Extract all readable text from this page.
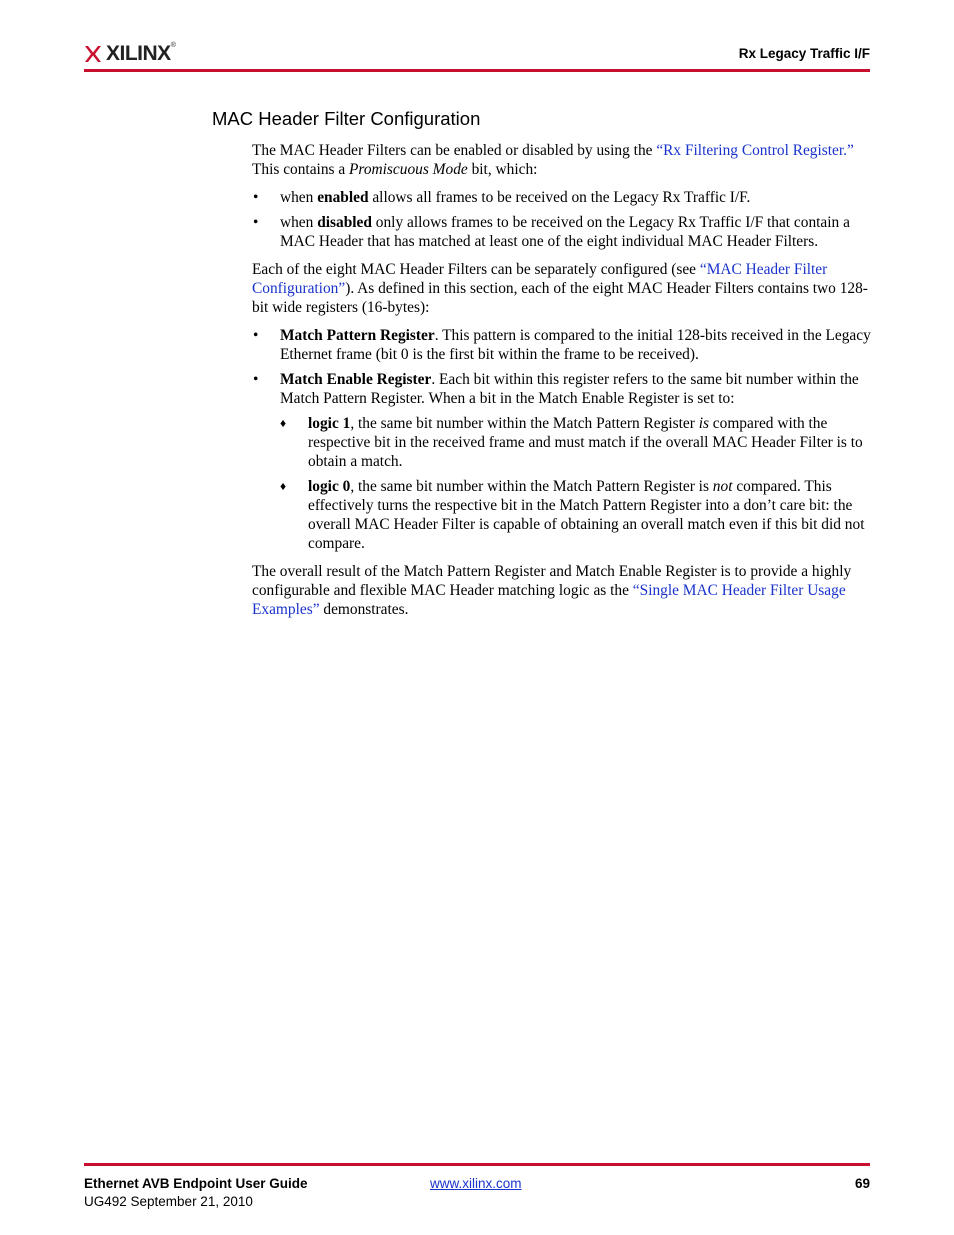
XILINX®
Rx Legacy Traffic I/F
MAC Header Filter Configuration

The MAC Header Filters can be enabled or disabled by using the “Rx Filtering Control Register.” This contains a Promiscuous Mode bit, which:

• when enabled allows all frames to be received on the Legacy Rx Traffic I/F.
• when disabled only allows frames to be received on the Legacy Rx Traffic I/F that contain a MAC Header that has matched at least one of the eight individual MAC Header Filters.

Each of the eight MAC Header Filters can be separately configured (see “MAC Header Filter Configuration”). As defined in this section, each of the eight MAC Header Filters contains two 128-bit wide registers (16-bytes):

• Match Pattern Register. This pattern is compared to the initial 128-bits received in the Legacy Ethernet frame (bit 0 is the first bit within the frame to be received).
• Match Enable Register. Each bit within this register refers to the same bit number within the Match Pattern Register. When a bit in the Match Enable Register is set to:
♦ logic 1, the same bit number within the Match Pattern Register is compared with the respective bit in the received frame and must match if the overall MAC Header Filter is to obtain a match.
♦ logic 0, the same bit number within the Match Pattern Register is not compared. This effectively turns the respective bit in the Match Pattern Register into a don’t care bit: the overall MAC Header Filter is capable of obtaining an overall match even if this bit did not compare.

The overall result of the Match Pattern Register and Match Enable Register is to provide a highly configurable and flexible MAC Header matching logic as the “Single MAC Header Filter Usage Examples” demonstrates.

Ethernet AVB Endpoint User Guide
UG492 September 21, 2010
www.xilinx.com	69
